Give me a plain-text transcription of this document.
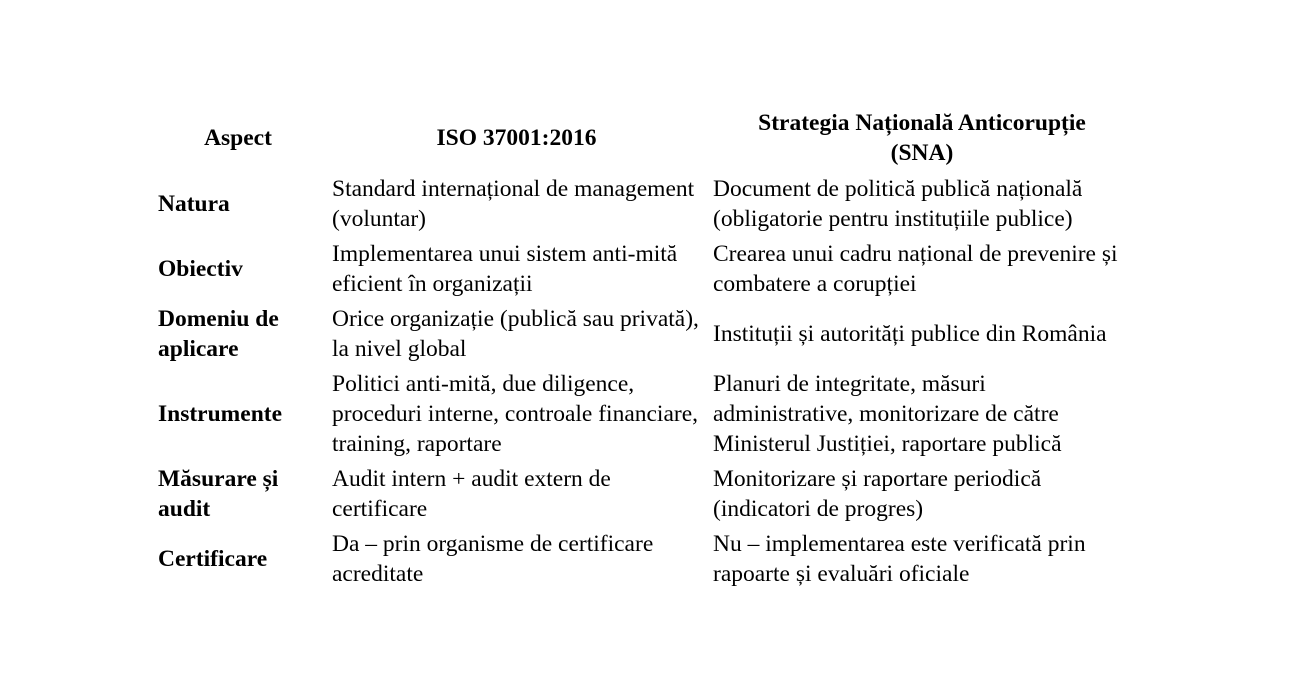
Aspect	ISO 37001:2016	Strategia Națională Anticorupție (SNA)
Natura	Standard internațional de management (voluntar)	Document de politică publică națională (obligatorie pentru instituțiile publice)
Obiectiv	Implementarea unui sistem anti-mită eficient în organizații	Crearea unui cadru național de prevenire și combatere a corupției
Domeniu de aplicare	Orice organizație (publică sau privată), la nivel global	Instituții și autorități publice din România
Instrumente	Politici anti-mită, due diligence, proceduri interne, controale financiare, training, raportare	Planuri de integritate, măsuri administrative, monitorizare de către Ministerul Justiției, raportare publică
Măsurare și audit	Audit intern + audit extern de certificare	Monitorizare și raportare periodică (indicatori de progres)
Certificare	Da – prin organisme de certificare acreditate	Nu – implementarea este verificată prin rapoarte și evaluări oficiale
